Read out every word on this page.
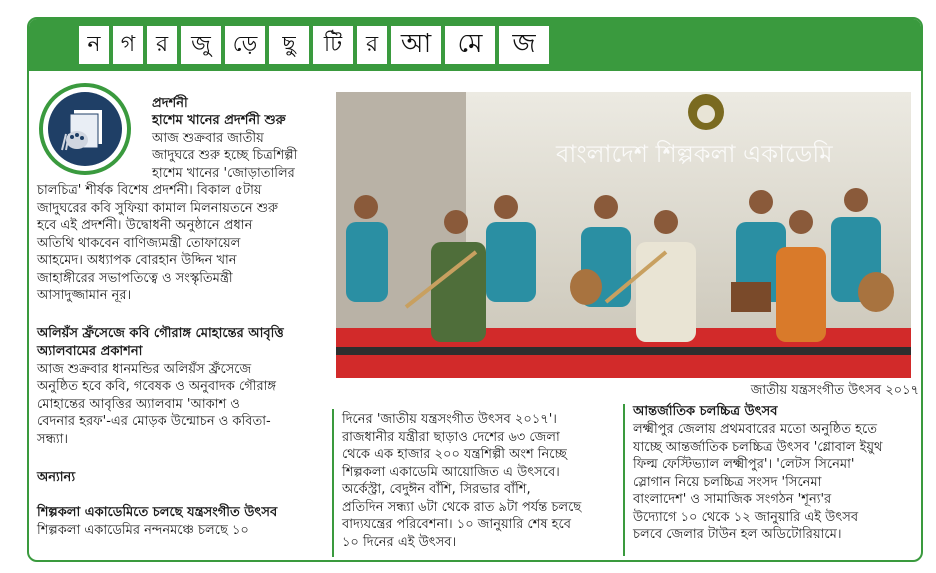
ন গ র	জু ড়ে	ছু	টি	র আ	মে	জ
প্রদর্শনী
হাশেম খানের প্রদর্শনী শুরু
আজ শুক্রবার জাতীয়
জাদুঘরে শুরু হচ্ছে চিত্রশিল্পী
হাশেম খানের 'জোড়াতালির
চালচিত্র' শীর্ষক বিশেষ প্রদর্শনী। বিকাল ৫টায়
জাদুঘরের কবি সুফিয়া কামাল মিলনায়তনে শুরু
হবে এই প্রদর্শনী। উদ্বোধনী অনুষ্ঠানে প্রধান
অতিথি থাকবেন বাণিজ্যমন্ত্রী তোফায়েল
আহমেদ। অধ্যাপক বোরহান উদ্দিন খান
জাহাঙ্গীরের সভাপতিত্বে ও সংস্কৃতিমন্ত্রী
আসাদুজ্জামান নূর।
অলিয়ঁস ফ্রঁসেজে কবি গৌরাঙ্গ মোহান্তের আবৃত্তি
অ্যালবামের প্রকাশনা
আজ শুক্রবার ধানমন্ডির অলিয়ঁস ফ্রঁসেজে
অনুষ্ঠিত হবে কবি, গবেষক ও অনুবাদক গৌরাঙ্গ
মোহান্তের আবৃত্তির অ্যালবাম 'আকাশ ও
বেদনার হরফ'-এর মোড়ক উন্মোচন ও কবিতা-
সন্ধ্যা।
অন্যান্য
শিল্পকলা একাডেমিতে চলছে যন্ত্রসংগীত উৎসব
শিল্পকলা একাডেমির নন্দনমঞ্চে চলছে ১০
বাংলাদেশ শিল্পকলা একাডেমি
জাতীয় যন্ত্রসংগীত উৎসব ২০১৭
দিনের 'জাতীয় যন্ত্রসংগীত উৎসব ২০১৭'।
রাজধানীর যন্ত্রীরা ছাড়াও দেশের ৬৩ জেলা
থেকে এক হাজার ২০০ যন্ত্রশিল্পী অংশ নিচ্ছে
শিল্পকলা একাডেমি আয়োজিত এ উৎসবে।
অর্কেস্ট্রা, বেদুঈন বাঁশি, সিরভার বাঁশি,
প্রতিদিন সন্ধ্যা ৬টা থেকে রাত ৯টা পর্যন্ত চলছে
বাদ্যযন্ত্রের পরিবেশনা। ১০ জানুয়ারি শেষ হবে
১০ দিনের এই উৎসব।
আন্তর্জাতিক চলচ্চিত্র উৎসব
লক্ষ্মীপুর জেলায় প্রথমবারের মতো অনুষ্ঠিত হতে
যাচ্ছে আন্তর্জাতিক চলচ্চিত্র উৎসব 'গ্লোবাল ইয়ুথ
ফিল্ম ফেস্টিভ্যাল লক্ষ্মীপুর'। 'লেটস সিনেমা'
স্লোগান নিয়ে চলচ্চিত্র সংসদ 'সিনেমা
বাংলাদেশ' ও সামাজিক সংগঠন 'শূন্য'র
উদ্যোগে ১০ থেকে ১২ জানুয়ারি এই উৎসব
চলবে জেলার টাউন হল অডিটোরিয়ামে।
